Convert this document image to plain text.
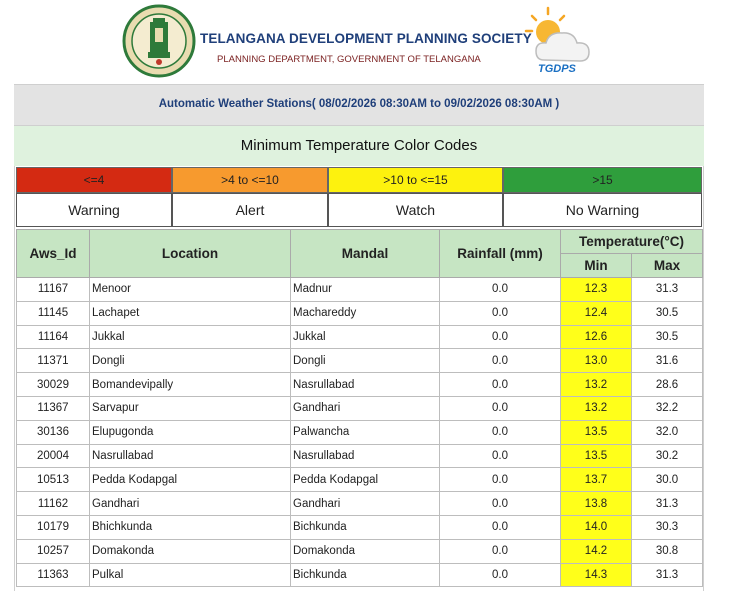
TELANGANA DEVELOPMENT PLANNING SOCIETY
PLANNING DEPARTMENT, GOVERNMENT OF TELANGANA
TGDPS
Automatic Weather Stations( 08/02/2026 08:30AM to 09/02/2026 08:30AM )
Minimum Temperature Color Codes
<=4	>4 to <=10	>10 to <=15	>15
Warning	Alert	Watch	No Warning
Aws_Id	Location	Mandal	Rainfall (mm)	Temperature(°C)	
				Min	Max
11167	Menoor	Madnur	0.0	12.3	31.3
11145	Lachapet	Machareddy	0.0	12.4	30.5
11164	Jukkal	Jukkal	0.0	12.6	30.5
11371	Dongli	Dongli	0.0	13.0	31.6
30029	Bomandevipally	Nasrullabad	0.0	13.2	28.6
11367	Sarvapur	Gandhari	0.0	13.2	32.2
30136	Elupugonda	Palwancha	0.0	13.5	32.0
20004	Nasrullabad	Nasrullabad	0.0	13.5	30.2
10513	Pedda Kodapgal	Pedda Kodapgal	0.0	13.7	30.0
11162	Gandhari	Gandhari	0.0	13.8	31.3
10179	Bhichkunda	Bichkunda	0.0	14.0	30.3
10257	Domakonda	Domakonda	0.0	14.2	30.8
11363	Pulkal	Bichkunda	0.0	14.3	31.3
